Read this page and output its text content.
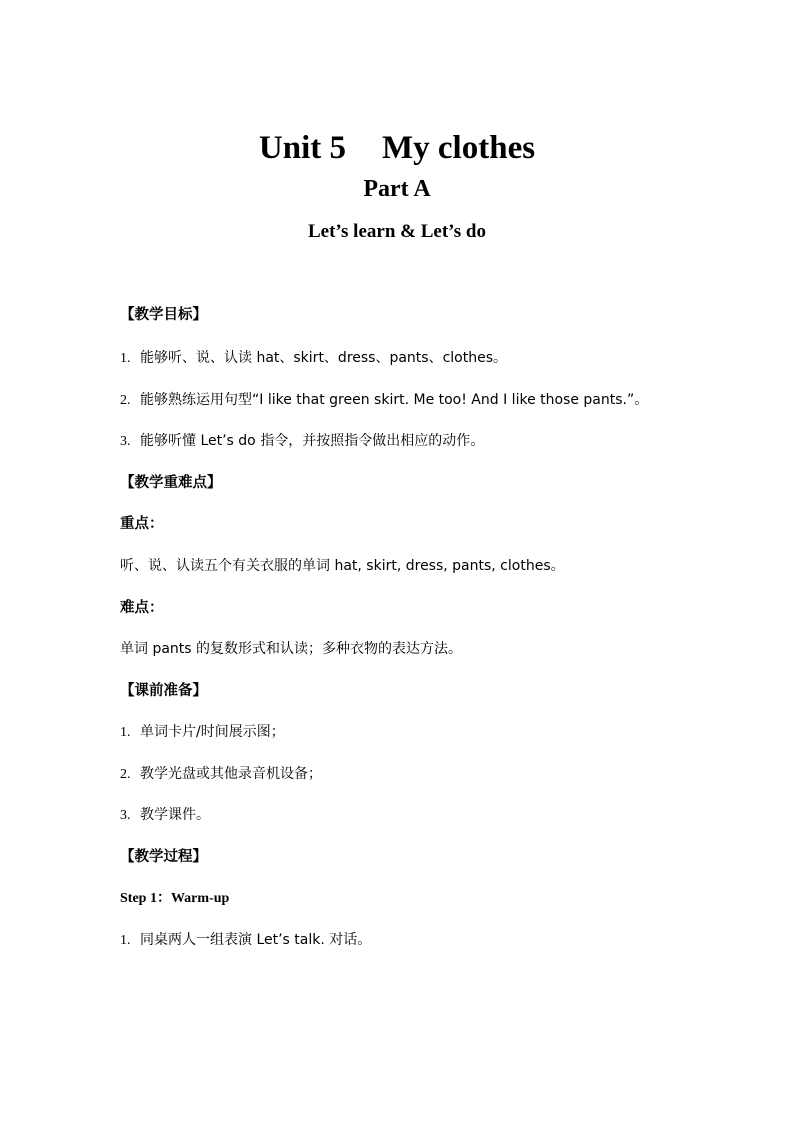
Unit 5 My clothes
Part A
Let’s learn & Let’s do
【教学目标】
1. 能够听、说、认读 hat、skirt、dress、pants、clothes。
2. 能够熟练运用句型“I like that green skirt. Me too! And I like those pants.”。
3. 能够听懂 Let’s do 指令，并按照指令做出相应的动作。
【教学重难点】
重点：
听、说、认读五个有关衣服的单词 hat, skirt, dress, pants, clothes。
难点：
单词 pants 的复数形式和认读；多种衣物的表达方法。
【课前准备】
1. 单词卡片/时间展示图；
2. 教学光盘或其他录音机设备；
3. 教学课件。
【教学过程】
Step 1：Warm-up
1. 同桌两人一组表演 Let’s talk. 对话。
